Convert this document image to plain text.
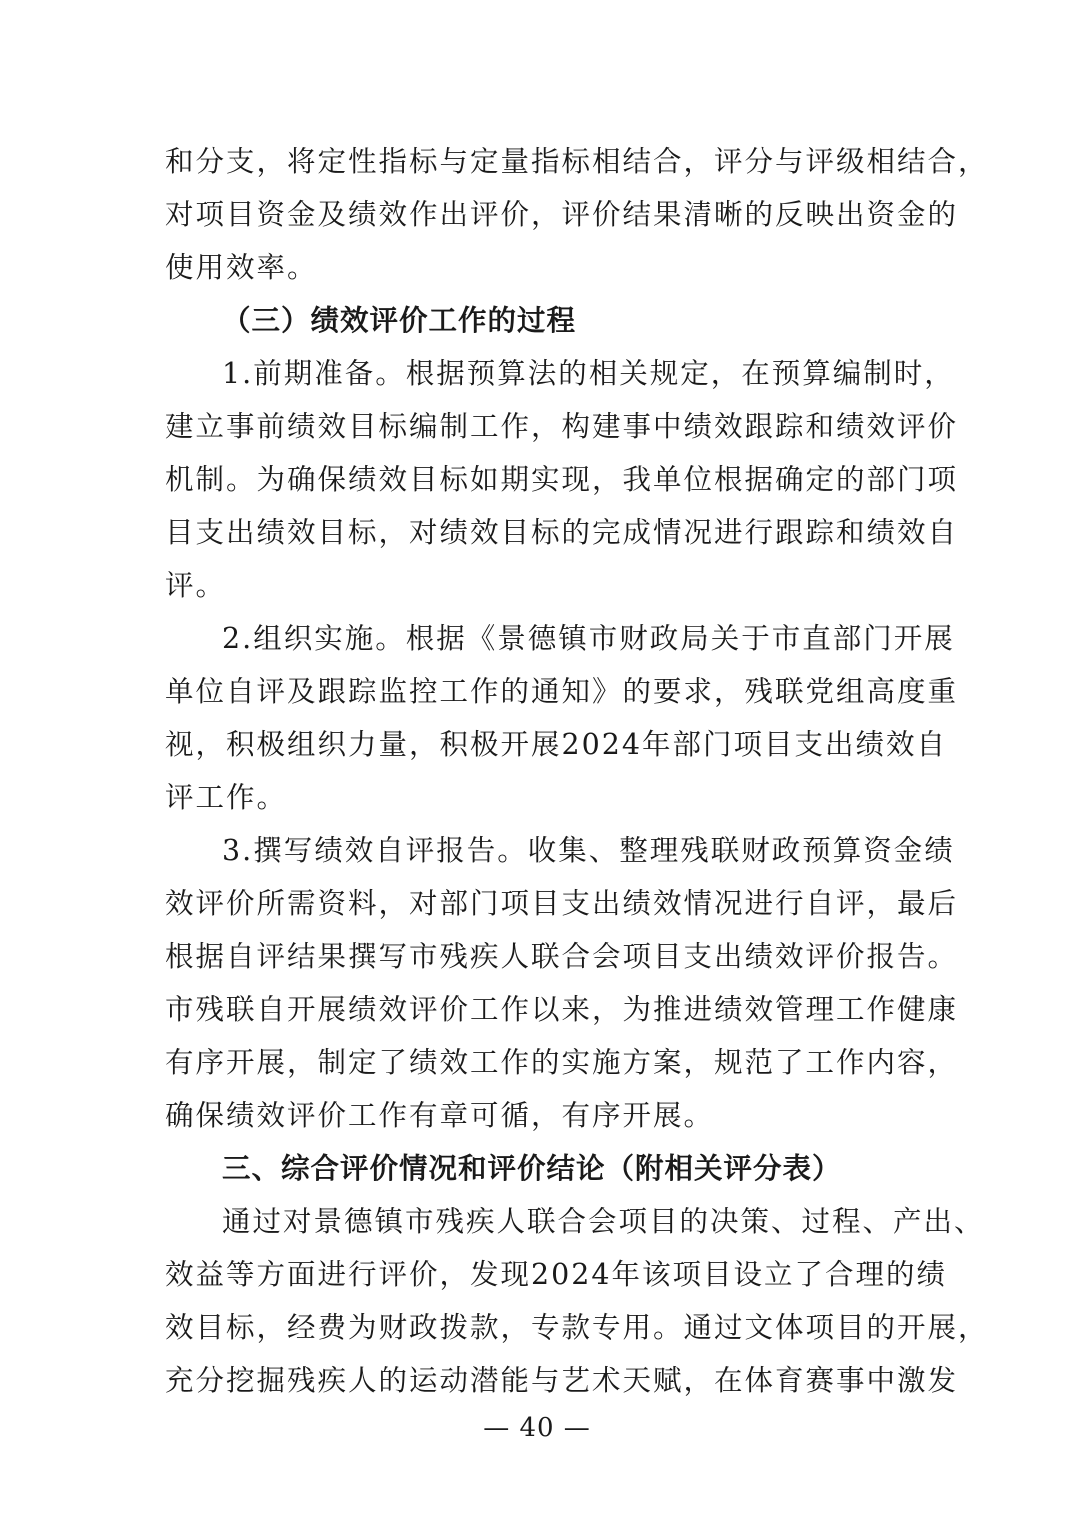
和分支，将定性指标与定量指标相结合，评分与评级相结合，
对项目资金及绩效作出评价，评价结果清晰的反映出资金的
使用效率。
（三）绩效评价工作的过程
1.前期准备。根据预算法的相关规定，在预算编制时，
建立事前绩效目标编制工作，构建事中绩效跟踪和绩效评价
机制。为确保绩效目标如期实现，我单位根据确定的部门项
目支出绩效目标，对绩效目标的完成情况进行跟踪和绩效自
评。
2.组织实施。根据《景德镇市财政局关于市直部门开展
单位自评及跟踪监控工作的通知》的要求，残联党组高度重
视，积极组织力量，积极开展2024年部门项目支出绩效自
评工作。
3.撰写绩效自评报告。收集、整理残联财政预算资金绩
效评价所需资料，对部门项目支出绩效情况进行自评，最后
根据自评结果撰写市残疾人联合会项目支出绩效评价报告。
市残联自开展绩效评价工作以来，为推进绩效管理工作健康
有序开展，制定了绩效工作的实施方案，规范了工作内容，
确保绩效评价工作有章可循，有序开展。
三、综合评价情况和评价结论（附相关评分表）
通过对景德镇市残疾人联合会项目的决策、过程、产出、
效益等方面进行评价，发现2024年该项目设立了合理的绩
效目标，经费为财政拨款，专款专用。通过文体项目的开展，
充分挖掘残疾人的运动潜能与艺术天赋，在体育赛事中激发
— 40 —
